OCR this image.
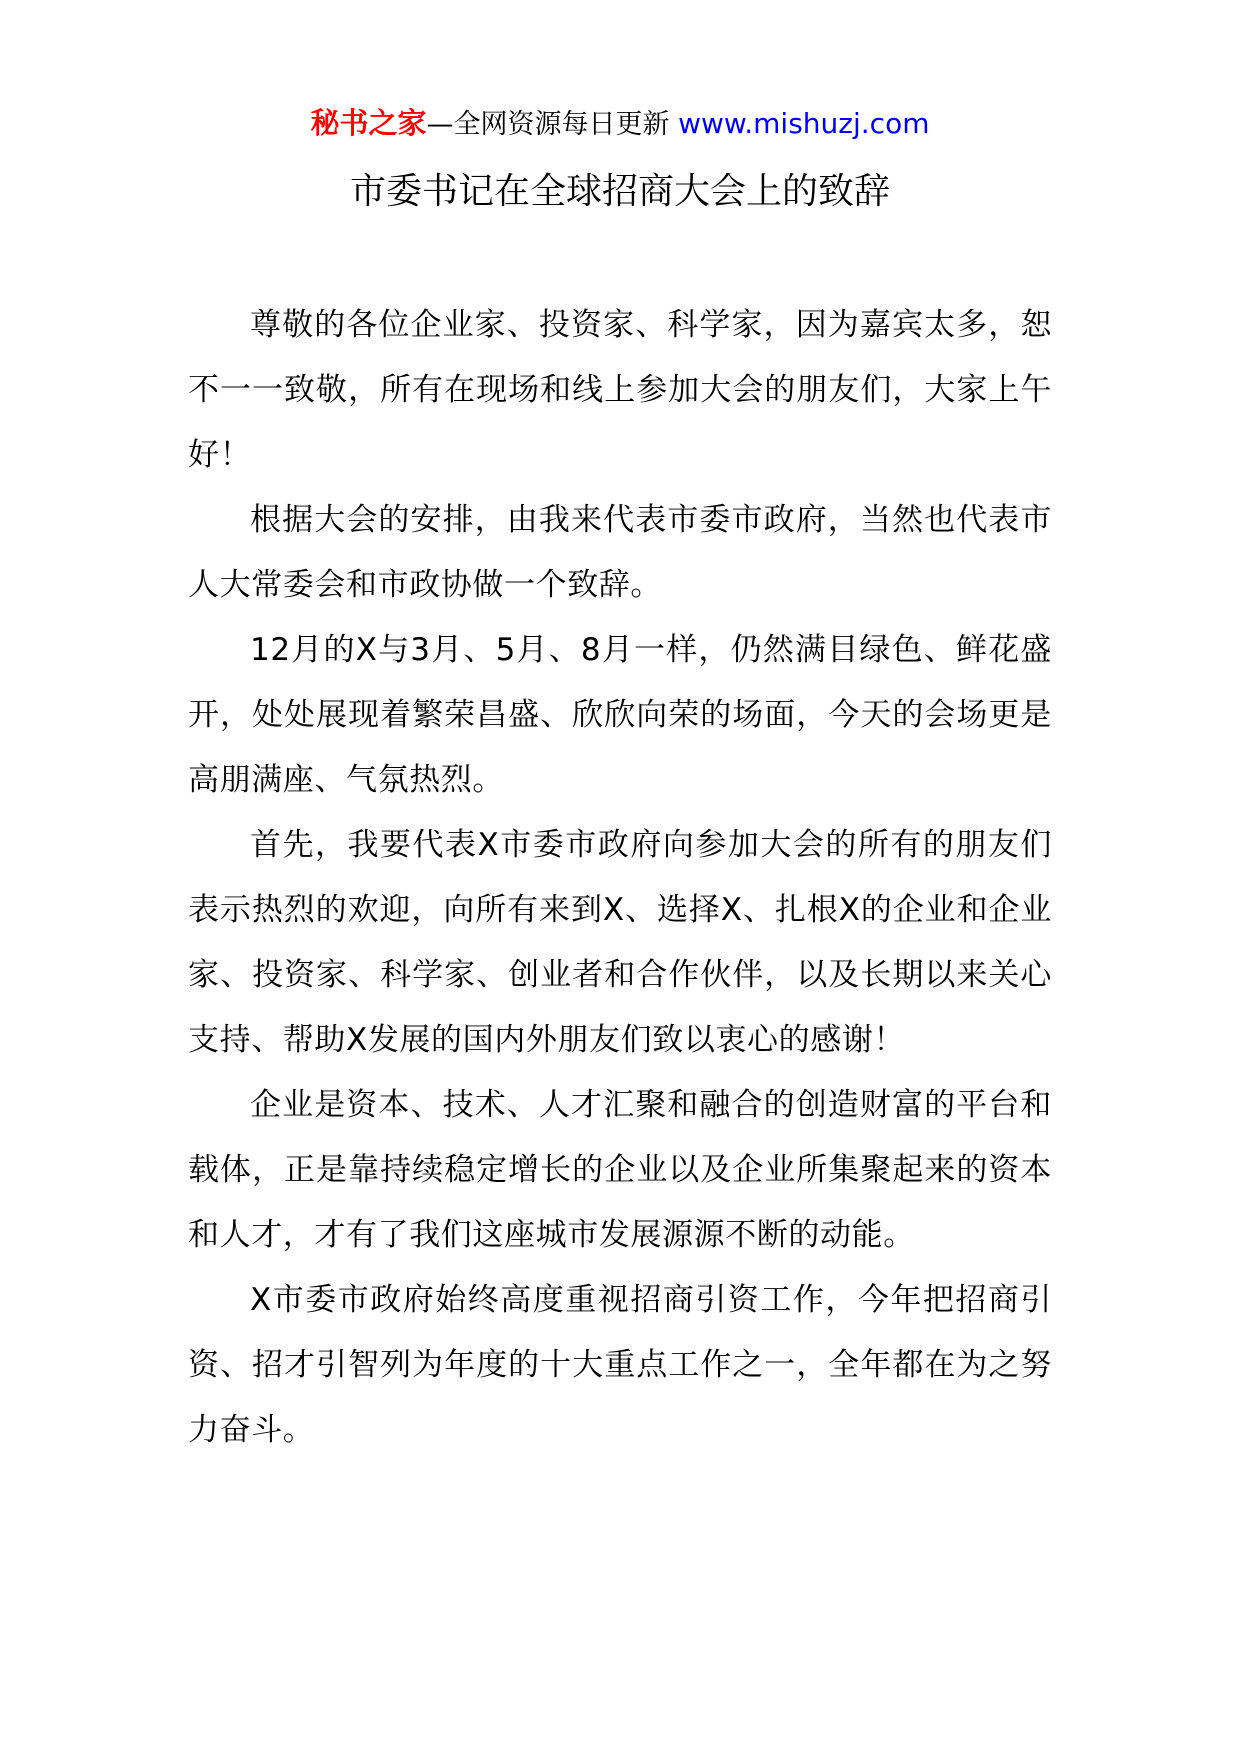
秘书之家—全网资源每日更新 www.mishuzj.com
市委书记在全球招商大会上的致辞

尊敬的各位企业家、投资家、科学家，因为嘉宾太多，恕不一一致敬，所有在现场和线上参加大会的朋友们，大家上午好！

根据大会的安排，由我来代表市委市政府，当然也代表市人大常委会和市政协做一个致辞。

12月的X与3月、5月、8月一样，仍然满目绿色、鲜花盛开，处处展现着繁荣昌盛、欣欣向荣的场面，今天的会场更是高朋满座、气氛热烈。

首先，我要代表X市委市政府向参加大会的所有的朋友们表示热烈的欢迎，向所有来到X、选择X、扎根X的企业和企业家、投资家、科学家、创业者和合作伙伴，以及长期以来关心支持、帮助X发展的国内外朋友们致以衷心的感谢！

企业是资本、技术、人才汇聚和融合的创造财富的平台和载体，正是靠持续稳定增长的企业以及企业所集聚起来的资本和人才，才有了我们这座城市发展源源不断的动能。

X市委市政府始终高度重视招商引资工作，今年把招商引资、招才引智列为年度的十大重点工作之一，全年都在为之努力奋斗。
